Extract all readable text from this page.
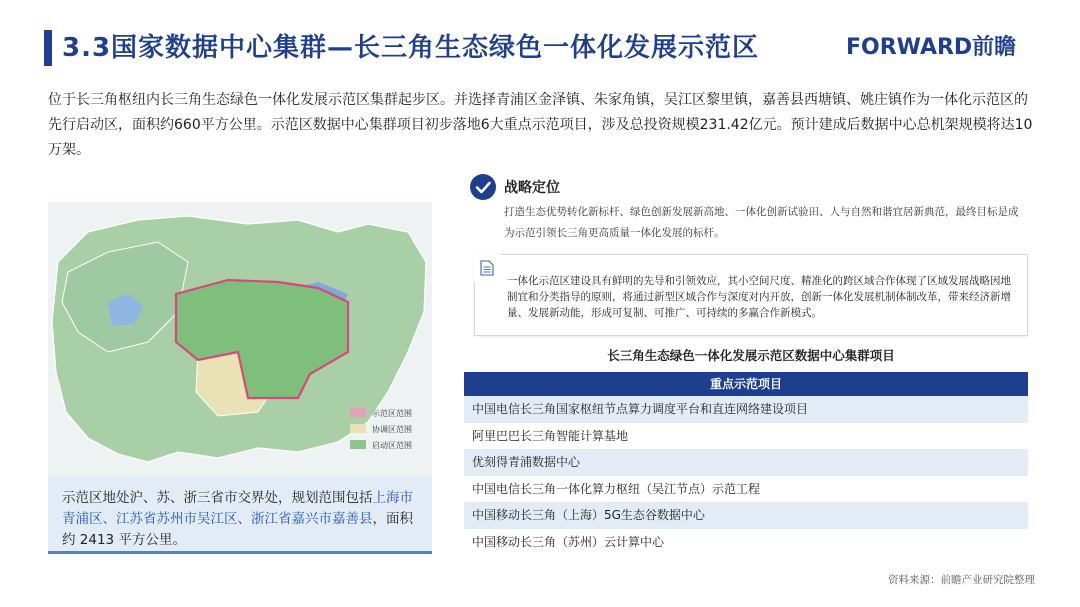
3.3国家数据中心集群—长三角生态绿色一体化发展示范区	FORWARD前瞻
位于长三角枢纽内长三角生态绿色一体化发展示范区集群起步区。并选择青浦区金泽镇、朱家角镇，吴江区黎里镇，嘉善县西塘镇、姚庄镇作为一体化示范区的先行启动区，面积约660平方公里。示范区数据中心集群项目初步落地6大重点示范项目，涉及总投资规模231.42亿元。预计建成后数据中心总机架规模将达10万架。
示范区范围
协调区范围
启动区范围
示范区地处沪、苏、浙三省市交界处，规划范围包括上海市青浦区、江苏省苏州市吴江区、浙江省嘉兴市嘉善县，面积约 2413 平方公里。
战略定位
打造生态优势转化新标杆、绿色创新发展新高地、一体化创新试验田、人与自然和谐宜居新典范，最终目标是成为示范引领长三角更高质量一体化发展的标杆。
一体化示范区建设具有鲜明的先导和引领效应，其小空间尺度、精准化的跨区域合作体现了区域发展战略因地制宜和分类指导的原则，将通过新型区域合作与深度对内开放，创新一体化发展机制体制改革，带来经济新增量、发展新动能，形成可复制、可推广、可持续的多赢合作新模式。
长三角生态绿色一体化发展示范区数据中心集群项目
重点示范项目
中国电信长三角国家枢纽节点算力调度平台和直连网络建设项目
阿里巴巴长三角智能计算基地
优刻得青浦数据中心
中国电信长三角一体化算力枢纽（吴江节点）示范工程
中国移动长三角（上海）5G生态谷数据中心
中国移动长三角（苏州）云计算中心
资料来源：前瞻产业研究院整理
